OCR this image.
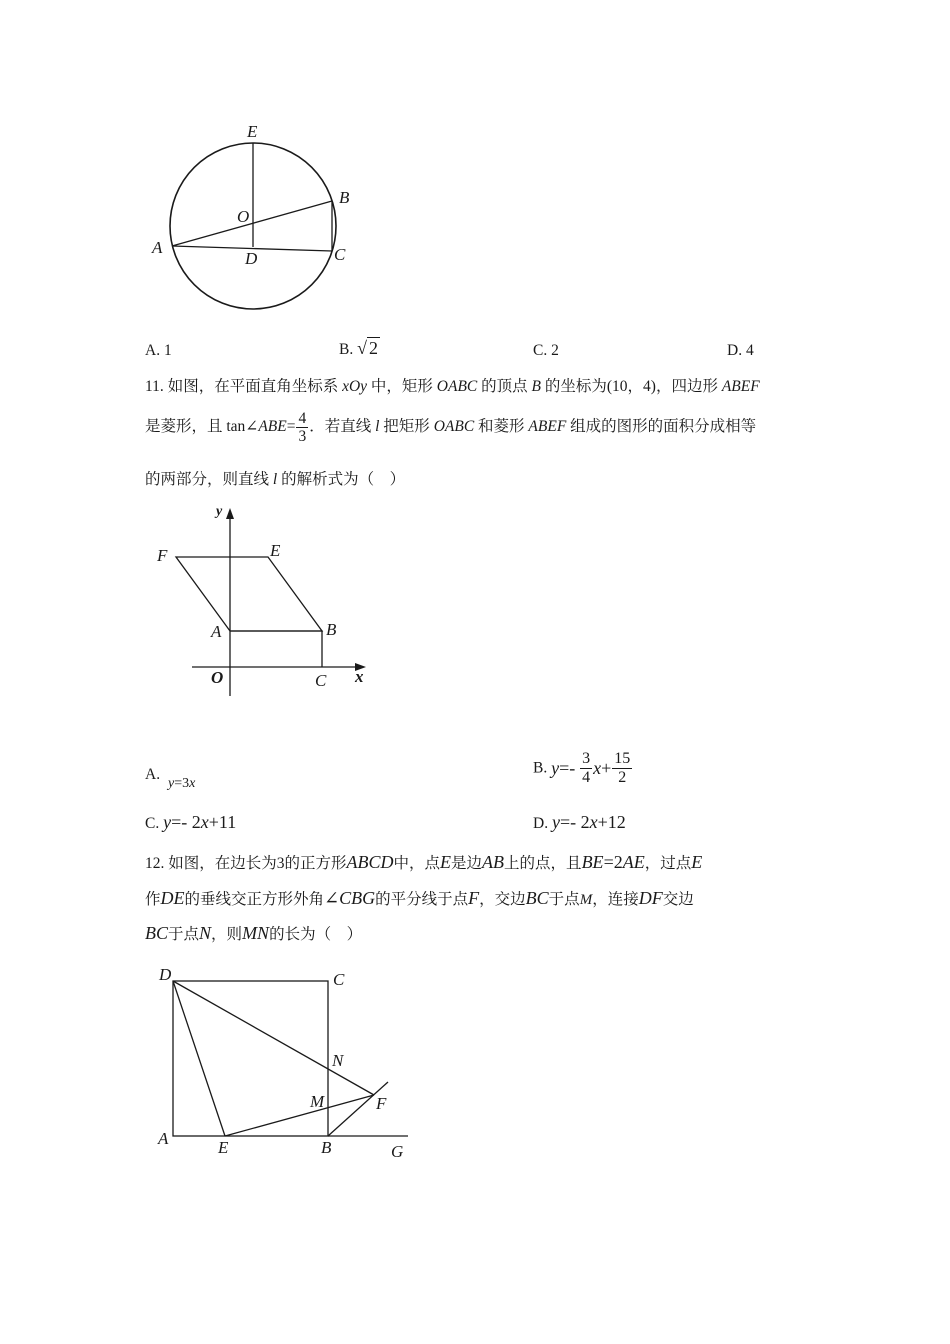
E
O
B
A
D	C
A. 1	B. √ 2	C. 2	D. 4
11. 如图，在平面直角坐标系 xOy 中，矩形 OABC 的顶点 B 的坐标为(10，4)，四边形 ABEF
是菱形，且 tan∠ABE= $\frac{4}{3}$ ．若直线 l 把矩形 OABC 和菱形 ABEF 组成的图形的面积分成相等
的两部分，则直线 l 的解析式为（　）
y
F	E
A	B
O	C x
A.
y=3x
B. $y=- \frac{3}{4} x+ \frac{15}{2}$
C. y=- 2x+11	D. y=- 2x+12
12. 如图，在边长为3的正方形ABCD中，点E是边AB上的点，且BE=2AE，过点E
作DE的垂线交正方形外角∠CBG的平分线于点F，交边BC于点M，连接DF交边
BC于点N，则MN的长为（　）
D	C
N
M	F
A	E	B	G
